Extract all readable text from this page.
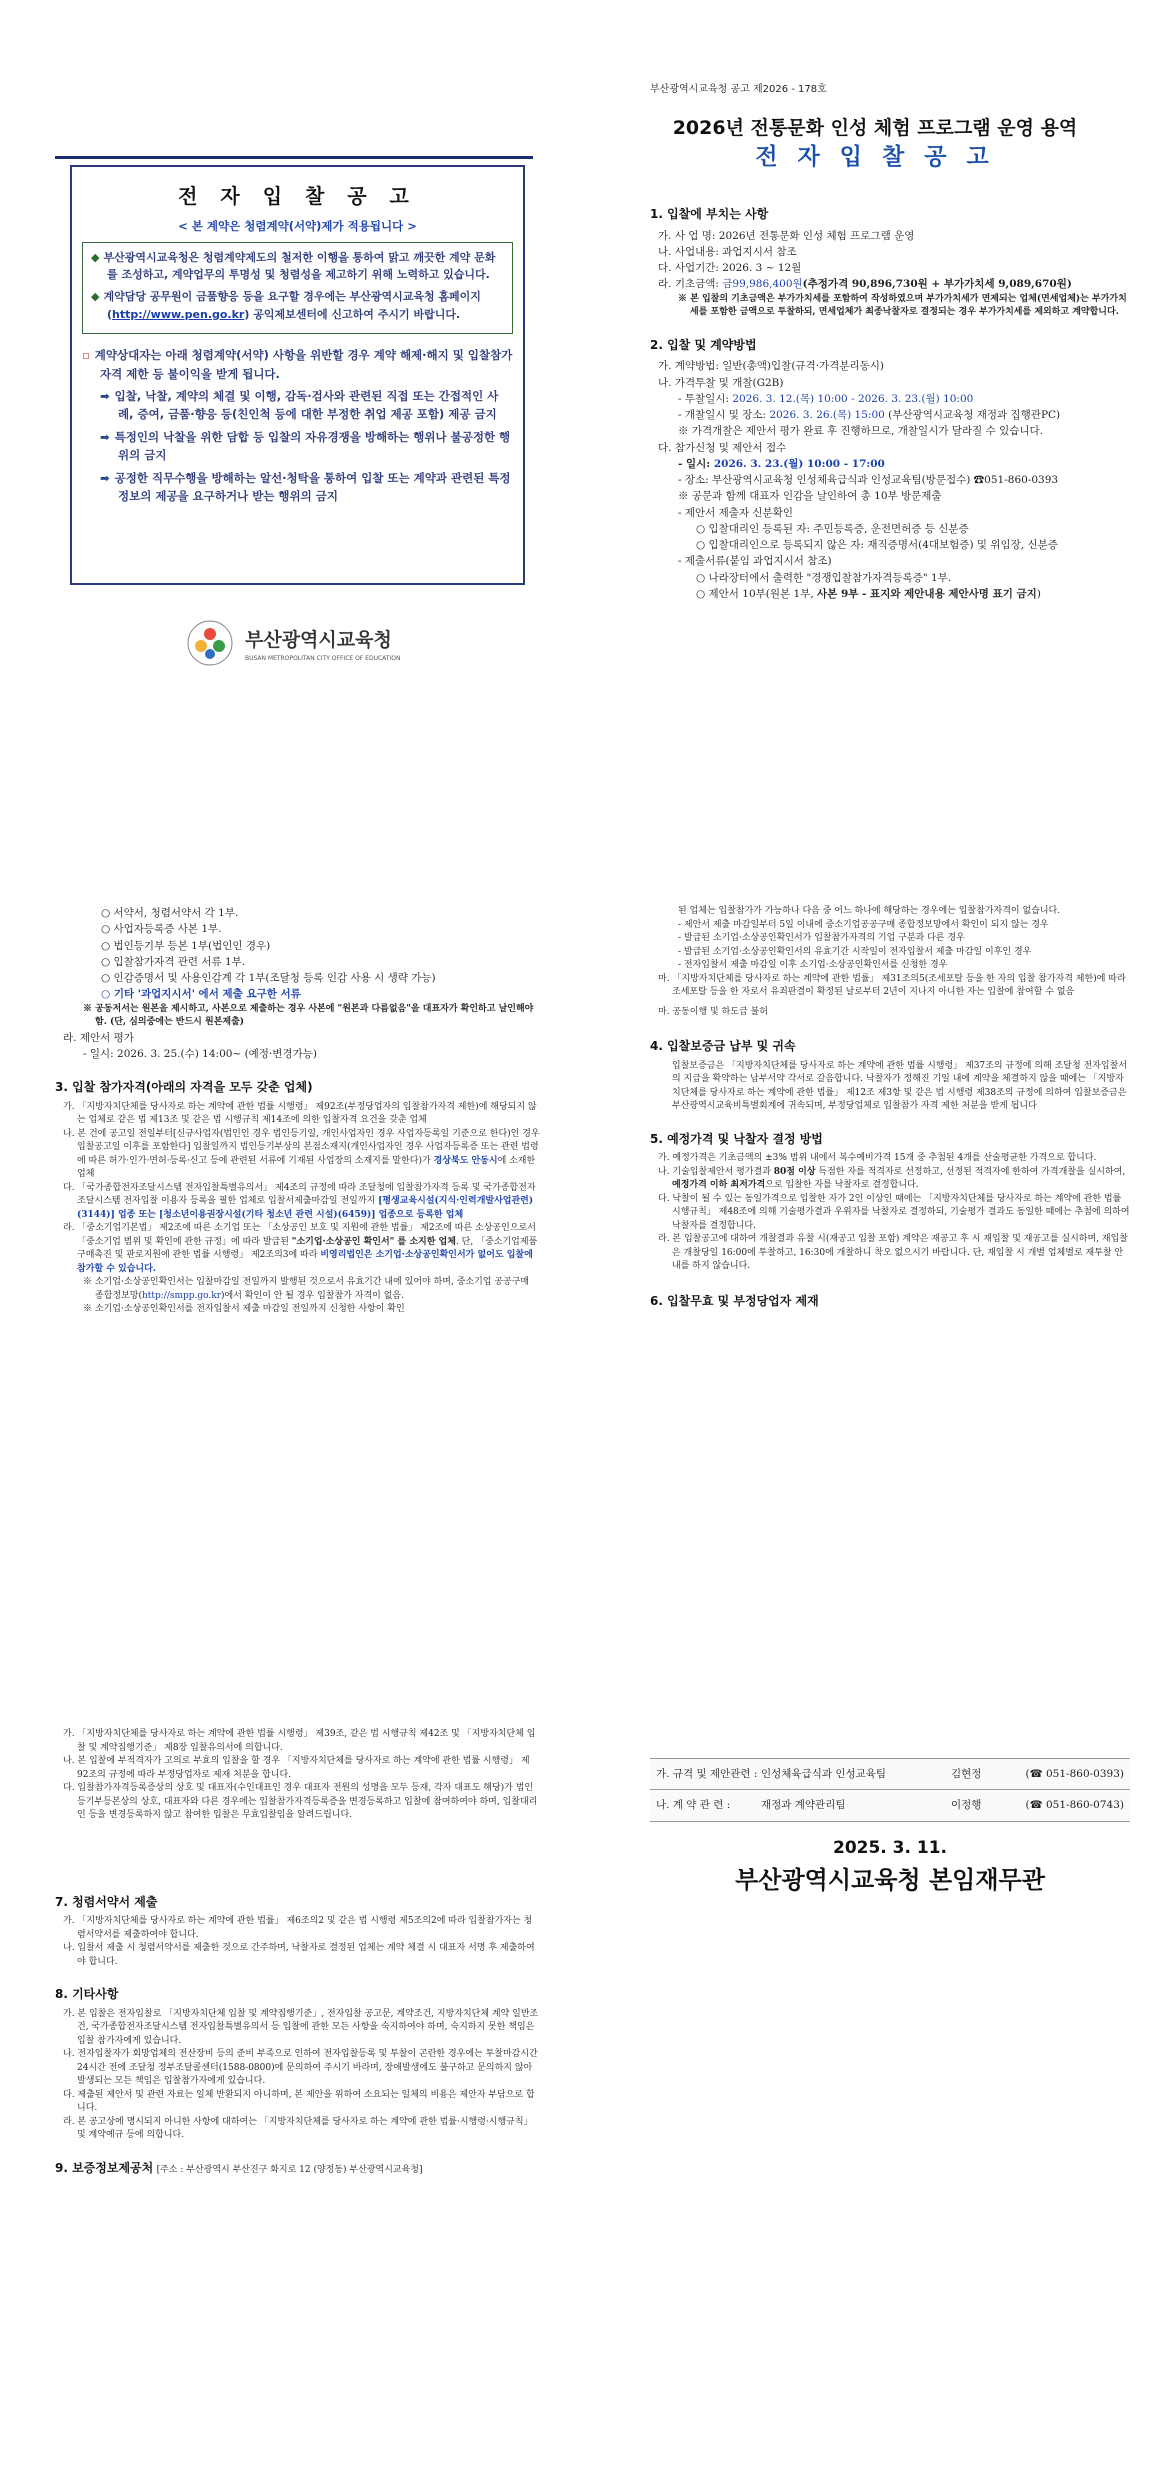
전 자 입 찰 공 고
< 본 계약은 청렴계약(서약)제가 적용됩니다 >

◆ 부산광역시교육청은 청렴계약제도의 철저한 이행을 통하여 맑고 깨끗한 계약 문화를 조성하고, 계약업무의 투명성 및 청렴성을 제고하기 위해 노력하고 있습니다.

◆ 계약담당 공무원이 금품향응 등을 요구할 경우에는 부산광역시교육청 홈페이지(http://www.pen.go.kr) 공익제보센터에 신고하여 주시기 바랍니다.

▫ 계약상대자는 아래 청렴계약(서약) 사항을 위반할 경우 계약 해제·해지 및 입찰참가자격 제한 등 불이익을 받게 됩니다.

➡ 입찰, 낙찰, 계약의 체결 및 이행, 감독·검사와 관련된 직접 또는 간접적인 사례, 증여, 금품·향응 등(친인척 등에 대한 부정한 취업 제공 포함) 제공 금지

➡ 특정인의 낙찰을 위한 담합 등 입찰의 자유경쟁을 방해하는 행위나 불공정한 행위의 금지

➡ 공정한 직무수행을 방해하는 알선·청탁을 통하여 입찰 또는 계약과 관련된 특정 정보의 제공을 요구하거나 받는 행위의 금지

부산광역시교육청
BUSAN METROPOLITAN CITY OFFICE OF EDUCATION
부산광역시교육청 공고 제2026 - 178호
2026년 전통문화 인성 체험 프로그램 운영 용역
전 자 입 찰 공 고
1. 입찰에 부치는 사항
가. 사 업 명: 2026년 전통문화 인성 체험 프로그램 운영
나. 사업내용: 과업지시서 참조
다. 사업기간: 2026. 3 ~ 12월
라. 기초금액: 금99,986,400원(추정가격 90,896,730원 + 부가가치세 9,089,670원)
※ 본 입찰의 기초금액은 부가가치세를 포함하여 작성하였으며 부가가치세가 면제되는 업체(면세업체)는 부가가치세를 포함한 금액으로 투찰하되, 면세업체가 최종낙찰자로 결정되는 경우 부가가치세를 제외하고 계약합니다.
2. 입찰 및 계약방법
가. 계약방법: 일반(총액)입찰(규격·가격분리동시)
나. 가격투찰 및 개찰(G2B)
- 투찰일시: 2026. 3. 12.(목) 10:00 - 2026. 3. 23.(월) 10:00
- 개찰일시 및 장소: 2026. 3. 26.(목) 15:00 (부산광역시교육청 재정과 집행관PC)
※ 가격개찰은 제안서 평가 완료 후 진행하므로, 개찰일시가 달라질 수 있습니다.
다. 참가신청 및 제안서 접수
- 일시: 2026. 3. 23.(월) 10:00 - 17:00
- 장소: 부산광역시교육청 인성체육급식과 인성교육팀(방문접수) ☎051-860-0393
※ 공문과 함께 대표자 인감을 날인하여 총 10부 방문제출
- 제안서 제출자 신분확인
○ 입찰대리인 등록된 자: 주민등록증, 운전면허증 등 신분증
○ 입찰대리인으로 등록되지 않은 자: 재직증명서(4대보험증) 및 위임장, 신분증
- 제출서류(붙임 과업지시서 참조)
○ 나라장터에서 출력한 "경쟁입찰참가자격등록증" 1부.
○ 제안서 10부(원본 1부, 사본 9부 - 표지와 제안내용 제안사명 표기 금지)
○ 서약서, 청렴서약서 각 1부.
○ 사업자등록증 사본 1부.
○ 법인등기부 등본 1부(법인인 경우)
○ 입찰참가자격 관련 서류 1부.
○ 인감증명서 및 사용인감계 각 1부(조달청 등록 인감 사용 시 생략 가능)
○ 기타 '과업지시서' 에서 제출 요구한 서류
※ 공동저서는 원본을 제시하고, 사본으로 제출하는 경우 사본에 "원본과 다름없음"을 대표자가 확인하고 날인해야함. (단, 심의중에는 반드시 원본제출)
라. 제안서 평가
- 일시: 2026. 3. 25.(수) 14:00~ (예정·변경가능)
3. 입찰 참가자격(아래의 자격을 모두 갖춘 업체)
가. 「지방자치단체를 당사자로 하는 계약에 관한 법률 시행령」 제92조(부정당업자의 입찰참가자격 제한)에 해당되지 않는 업체로 같은 법 제13조 및 같은 법 시행규칙 제14조에 의한 입찰자격 요건을 갖춘 업체
나. 본 건에 공고일 전일부터[신규사업자(법인인 경우 법인등기일, 개인사업자인 경우 사업자등록일 기준으로 한다)인 경우 입찰공고일 이후를 포함한다] 입찰일까지 법인등기부상의 본점소재지(개인사업자인 경우 사업자등록증 또는 관련 법령에 따른 허가·인가·면허·등록·신고 등에 관련된 서류에 기재된 사업장의 소재지를 말한다)가 경상북도 안동시에 소재한 업체
다. 「국가종합전자조달시스템 전자입찰특별유의서」 제4조의 규정에 따라 조달청에 입찰참가자격 등록 및 국가종합전자조달시스템 전자입찰 이용자 등록을 필한 업체로 입찰서제출마감일 전일까지 [평생교육시설(지식·인력개발사업관련)(3144)] 업종 또는 [청소년이용권장시설(기타 청소년 관련 시설)(6459)] 업종으로 등록한 업체
라. 「중소기업기본법」 제2조에 따른 소기업 또는 「소상공인 보호 및 지원에 관한 법률」 제2조에 따른 소상공인으로서 「중소기업 범위 및 확인에 관한 규정」에 따라 발급된 "소기업·소상공인 확인서" 를 소지한 업체. 단, 「중소기업제품 구매촉진 및 판로지원에 관한 법률 시행령」 제2조의3에 따라 비영리법인은 소기업·소상공인확인서가 없어도 입찰에 참가할 수 있습니다.
※ 소기업·소상공인확인서는 입찰마감일 전일까지 발행된 것으로서 유효기간 내에 있어야 하며, 중소기업 공공구매 종합정보망(http://smpp.go.kr)에서 확인이 안 될 경우 입찰참가 자격이 없음.
※ 소기업·소상공인확인서를 전자입찰서 제출 마감일 전일까지 신청한 사항이 확인
된 업체는 입찰참가가 가능하나 다음 중 어느 하나에 해당하는 경우에는 입찰참가자격이 없습니다.
- 제안서 제출 마감일부터 5일 이내에 중소기업공공구매 종합정보망에서 확인이 되지 않는 경우
- 발급된 소기업·소상공인확인서가 입찰참가자격의 기업 구분과 다른 경우
- 발급된 소기업·소상공인확인서의 유효기간 시작일이 전자입찰서 제출 마감일 이후인 경우
- 전자입찰서 제출 마감일 이후 소기업·소상공인확인서를 신청한 경우
마. 「지방자치단체를 당사자로 하는 계약에 관한 법률」 제31조의5(조세포탈 등을 한 자의 입찰 참가자격 제한)에 따라 조세포탈 등을 한 자로서 유죄판결이 확정된 날로부터 2년이 지나지 아니한 자는 입찰에 참여할 수 없음
마. 공동이행 및 하도급 불허
4. 입찰보증금 납부 및 귀속
입찰보증금은 「지방자치단체를 당사자로 하는 계약에 관한 법률 시행령」 제37조의 규정에 의해 조달청 전자입찰서의 지급을 확약하는 납부서약 각서로 갈음합니다. 낙찰자가 정해진 기일 내에 계약을 체결하지 않을 때에는 「지방자치단체를 당사자로 하는 계약에 관한 법률」 제12조 제3항 및 같은 법 시행령 제38조의 규정에 의하여 입찰보증금은 부산광역시교육비특별회계에 귀속되며, 부정당업체로 입찰참가 자격 제한 처분을 받게 됩니다
5. 예정가격 및 낙찰자 결정 방법
가. 예정가격은 기초금액의 ±3% 범위 내에서 복수예비가격 15개 중 추첨된 4개를 산술평균한 가격으로 합니다.
나. 기술입찰제안서 평가결과 80점 이상 득점한 자를 적격자로 선정하고, 선정된 적격자에 한하여 가격개찰을 실시하여, 예정가격 이하 최저가격으로 입찰한 자를 낙찰자로 결정합니다.
다. 낙찰이 될 수 있는 동일가격으로 입찰한 자가 2인 이상인 때에는 「지방자치단체를 당사자로 하는 계약에 관한 법률 시행규칙」 제48조에 의해 기술평가결과 우위자를 낙찰자로 결정하되, 기술평가 결과도 동일한 때에는 추첨에 의하여 낙찰자를 결정합니다.
라. 본 입찰공고에 대하여 개찰결과 유찰 시(재공고 입찰 포함) 계약은 재공고 후 시 재입찰 및 재공고를 실시하며, 재입찰은 개찰당일 16:00에 투찰하고, 16:30에 개찰하니 착오 없으시기 바랍니다. 단, 재입찰 시 개별 업체별로 재투찰 안내를 하지 않습니다.
6. 입찰무효 및 부정당업자 제재
가. 「지방자치단체를 당사자로 하는 계약에 관한 법률 시행령」 제39조, 같은 법 시행규칙 제42조 및 「지방자치단체 입찰 및 계약집행기준」 제8장 입찰유의서에 의합니다.
나. 본 입찰에 부적격자가 고의로 부효의 입찰을 할 경우 「지방자치단체를 당사자로 하는 계약에 관한 법률 시행령」 제92조의 규정에 따라 부정당업자로 제재 처분을 합니다.
다. 입찰참가자격등록증상의 상호 및 대표자(수인대표인 경우 대표자 전원의 성명을 모두 등재, 각자 대표도 해당)가 법인등기부등본상의 상호, 대표자와 다른 경우에는 입찰참가자격등록증을 변경등록하고 입찰에 참여하여야 하며, 입찰대리인 등을 변경등록하지 않고 참여한 입찰은 무효입찰임을 알려드립니다.
7. 청렴서약서 제출
가. 「지방자치단체를 당사자로 하는 계약에 관한 법률」 제6조의2 및 같은 법 시행령 제5조의2에 따라 입찰참가자는 청렴서약서를 제출하여야 합니다.
나. 입찰서 제출 시 청렴서약서를 제출한 것으로 간주하며, 낙찰자로 결정된 업체는 계약 체결 시 대표자 서명 후 제출하여야 합니다.
8. 기타사항
가. 본 입찰은 전자입찰로 「지방자치단체 입찰 및 계약집행기준」, 전자입찰 공고문, 계약조건, 지방자치단체 계약 일반조건, 국가종합전자조달시스템 전자입찰특별유의서 등 입찰에 관한 모든 사항을 숙지하여야 하며, 숙지하지 못한 책임은 입찰 참가자에게 있습니다.
나. 전자입찰자가 회망업체의 전산장비 등의 준비 부족으로 인하여 전자입찰등록 및 투찰이 곤란한 경우에는 투찰마감시간 24시간 전에 조달청 정부조달콜센터(1588-0800)에 문의하여 주시기 바라며, 장애발생에도 불구하고 문의하지 않아 발생되는 모든 책임은 입찰참가자에게 있습니다.
다. 제출된 제안서 및 관련 자료는 일체 반환되지 아니하며, 본 제안을 위하여 소요되는 일체의 비용은 제안자 부담으로 합니다.
라. 본 공고상에 명시되지 아니한 사항에 대하여는 「지방자치단체를 당사자로 하는 계약에 관한 법률·시행령·시행규칙」 및 계약예규 등에 의합니다.
9. 보증정보제공처 [주소 : 부산광역시 부산진구 화지로 12 (양정동) 부산광역시교육청]
가. 규격 및 제안관련 : 인성체육급식과 인성교육팀	김현정	(☎ 051-860-0393)
나. 계 약 관 련 :	재정과 계약관리팀	이정행	(☎ 051-860-0743)
2025. 3. 11.
부산광역시교육청 본임재무관
